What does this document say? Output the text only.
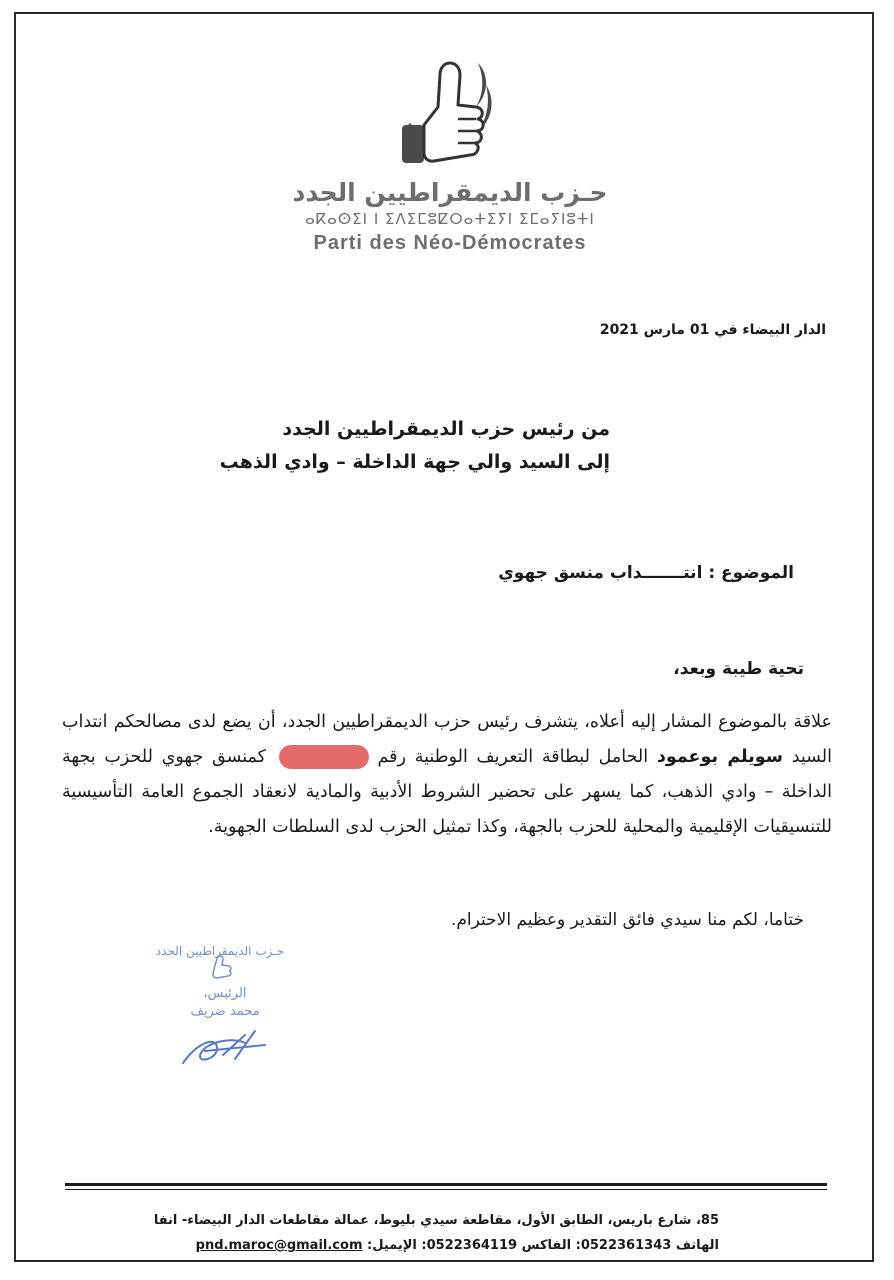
حـزب الديمقراطيين الجدد
ⴰⴽⴰⵙⵉⵏ ⵏ ⵉⴷⵉⵎⵓⵇⵔⴰⵜⵉⵢⵏ ⵉⵎⴰⵢⵏⵓⵜⵏ
Parti des Néo-Démocrates
الدار البيضاء في 01 مارس 2021
من رئيس حزب الديمقراطيين الجدد
إلى السيد والي جهة الداخلة – وادي الذهب
الموضوع : انتـــــــداب منسق جهوي
تحية طيبة وبعد،
علاقة بالموضوع المشار إليه أعلاه، يتشرف رئيس حزب الديمقراطيين الجدد، أن يضع لدى مصالحكم انتداب السيد سويلم بوعمود الحامل لبطاقة التعريف الوطنية رقم  كمنسق جهوي للحزب بجهة الداخلة – وادي الذهب، كما يسهر على تحضير الشروط الأدبية والمادية لانعقاد الجموع العامة التأسيسية للتنسيقيات الإقليمية والمحلية للحزب بالجهة، وكذا تمثيل الحزب لدى السلطات الجهوية.
ختاما، لكم منا سيدي فائق التقدير وعظيم الاحترام.
حـزب الديمقراطيين الجدد
الرئيس،
محمد ضريف
85، شارع باريس، الطابق الأول، مقاطعة سيدي بليوط، عمالة مقاطعات الدار البيضاء- انفا
الهاتف 0522361343: الفاكس 0522364119: الإيميل: pnd.maroc@gmail.com
